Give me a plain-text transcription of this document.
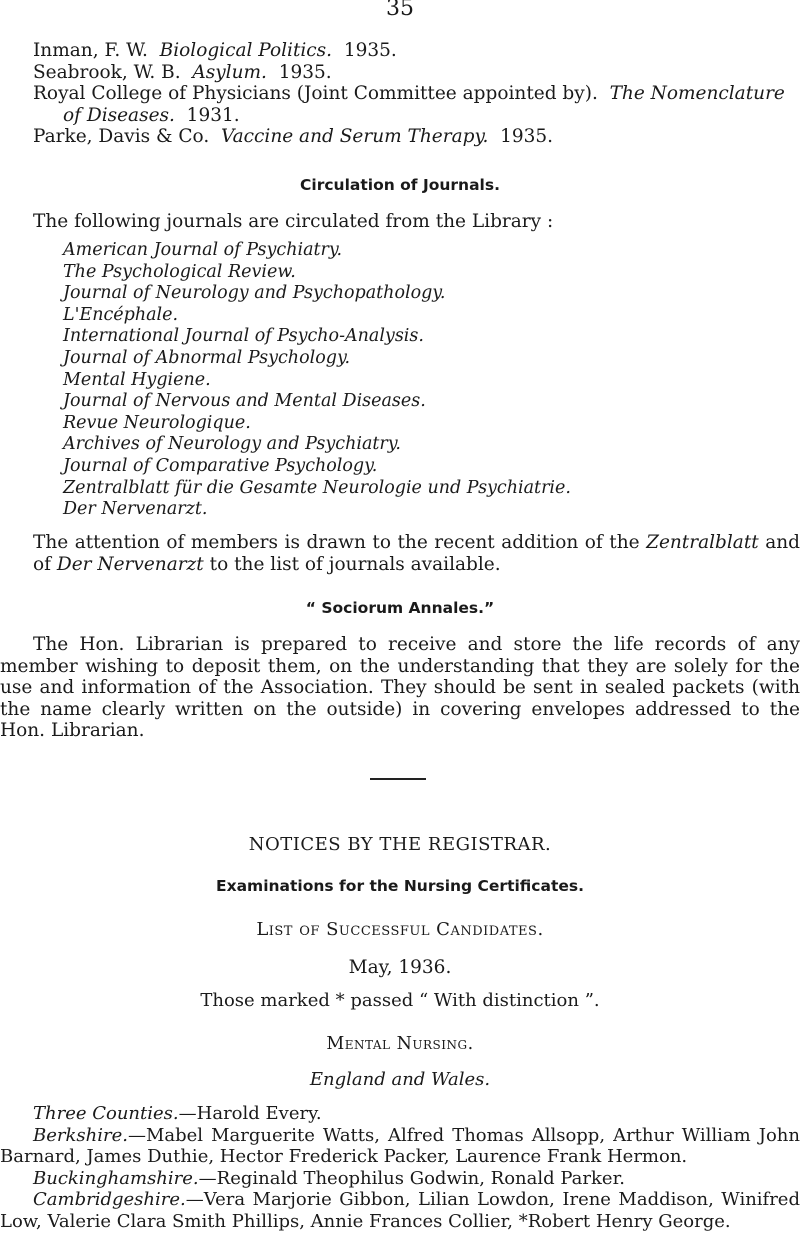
35

Inman, F. W. Biological Politics. 1935.

Seabrook, W. B. Asylum. 1935.

Royal College of Physicians (Joint Committee appointed by). The Nomenclature of Diseases. 1931.

Parke, Davis & Co. Vaccine and Serum Therapy. 1935.

Circulation of Journals.
The following journals are circulated from the Library :
American Journal of Psychiatry.
The Psychological Review.
Journal of Neurology and Psychopathology.
L'Encéphale.
International Journal of Psycho-Analysis.
Journal of Abnormal Psychology.
Mental Hygiene.
Journal of Nervous and Mental Diseases.
Revue Neurologique.
Archives of Neurology and Psychiatry.
Journal of Comparative Psychology.
Zentralblatt für die Gesamte Neurologie und Psychiatrie.
Der Nervenarzt.
The attention of members is drawn to the recent addition of the Zentralblatt and of Der Nervenarzt to the list of journals available.
“ Sociorum Annales.”
The Hon. Librarian is prepared to receive and store the life records of any member wishing to deposit them, on the understanding that they are solely for the use and information of the Association. They should be sent in sealed packets (with the name clearly written on the outside) in covering envelopes addressed to the Hon. Librarian.
NOTICES BY THE REGISTRAR.
Examinations for the Nursing Certificates.
List of Successful Candidates.
May, 1936.
Those marked * passed “ With distinction ”.
Mental Nursing.
England and Wales.

Three Counties.—Harold Every.

Berkshire.—Mabel Marguerite Watts, Alfred Thomas Allsopp, Arthur William John Barnard, James Duthie, Hector Frederick Packer, Laurence Frank Hermon.

Buckinghamshire.—Reginald Theophilus Godwin, Ronald Parker.

Cambridgeshire.—Vera Marjorie Gibbon, Lilian Lowdon, Irene Maddison, Winifred Low, Valerie Clara Smith Phillips, Annie Frances Collier, *Robert Henry George.
